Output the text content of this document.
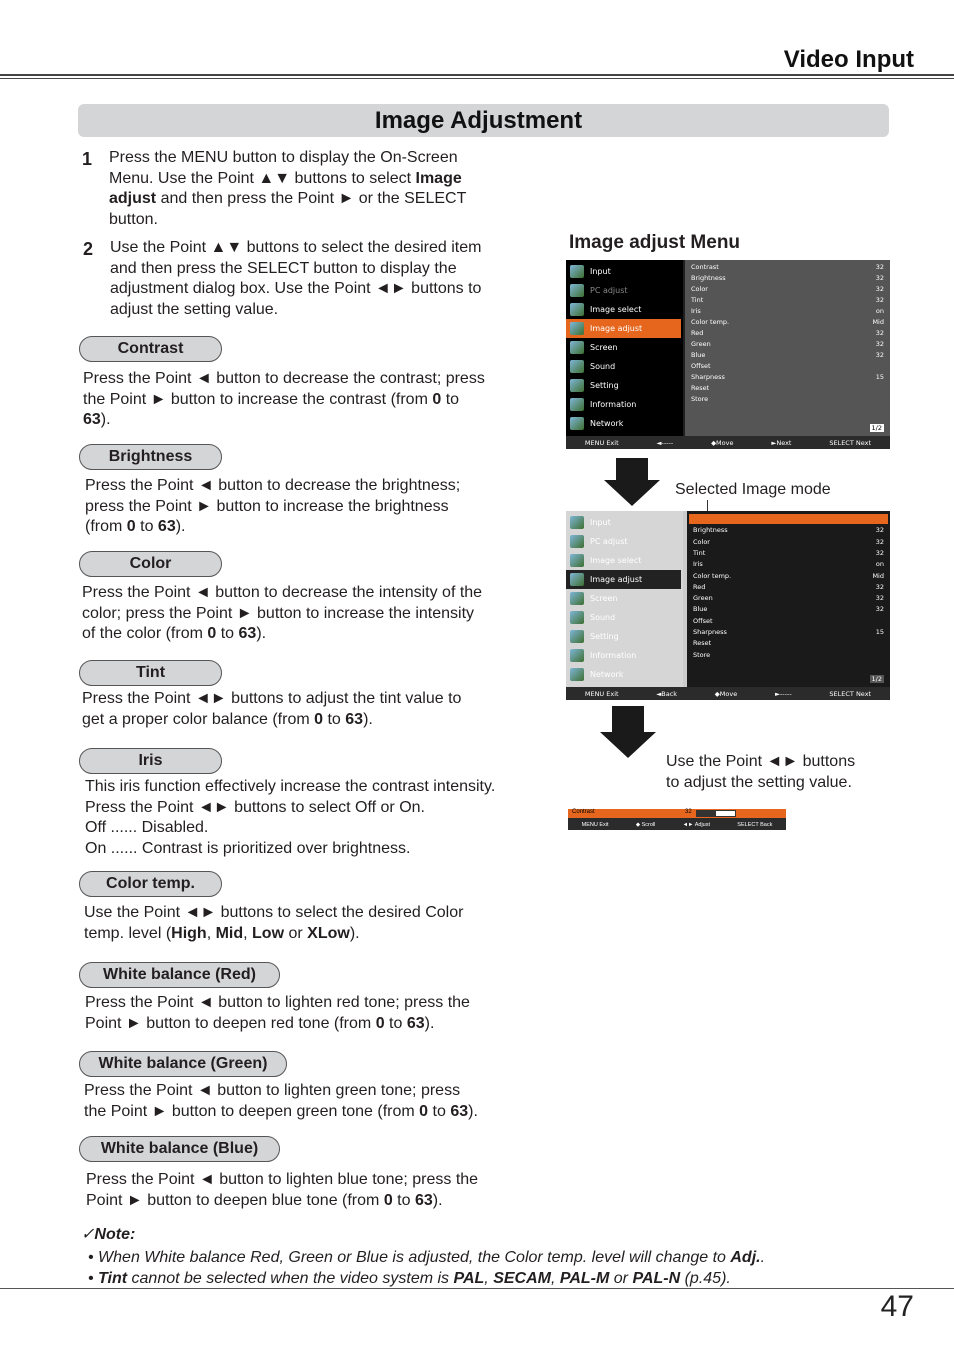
Video Input
Image Adjustment
1 Press the MENU button to display the On-Screen
Menu. Use the Point ▲▼ buttons to select Image
adjust and then press the Point ► or the SELECT
button.
2 Use the Point ▲▼ buttons to select the desired item
and then press the SELECT button to display the
adjustment dialog box. Use the Point ◄► buttons to
adjust the setting value.
Contrast
Press the Point ◄ button to decrease the contrast; press
the Point ► button to increase the contrast (from 0 to
63).
Brightness
Press the Point ◄ button to decrease the brightness;
press the Point ► button to increase the brightness
(from 0 to 63).
Color
Press the Point ◄ button to decrease the intensity of the
color; press the Point ► button to increase the intensity
of the color (from 0 to 63).
Tint
Press the Point ◄► buttons to adjust the tint value to
get a proper color balance (from 0 to 63).
Iris
This iris function effectively increase the contrast intensity.
Press the Point ◄► buttons to select Off or On.
Off ...... Disabled.
On ...... Contrast is prioritized over brightness.
Color temp.
Use the Point ◄► buttons to select the desired Color
temp. level (High, Mid, Low or XLow).
White balance (Red)
Press the Point ◄ button to lighten red tone; press the
Point ► button to deepen red tone (from 0 to 63).
White balance (Green)
Press the Point ◄ button to lighten green tone; press
the Point ► button to deepen green tone (from 0 to 63).
White balance (Blue)
Press the Point ◄ button to lighten blue tone; press the
Point ► button to deepen blue tone (from 0 to 63).
Image adjust Menu
Input
PC adjust
Image select
Image adjust
Screen
Sound
Setting
Information
Network
Contrast	32
Brightness	32
Color	32
Tint	32
Iris	on
Color temp.	Mid
Red	32
Green	32
Blue	32
Offset
Sharpness	15
Reset
Store
1/2
MENU Exit	◄-----	◆Move	►Next	SELECT Next
Selected Image mode
Input
PC adjust
Image select
Image adjust
Screen
Sound
Setting
Information
Network
Brightness	32
Color	32
Tint	32
Iris	on
Color temp.	Mid
Red	32
Green	32
Blue	32
Offset
Sharpness	15
Reset
Store
1/2
MENU Exit	◄Back	◆Move	►-----	SELECT Next
Use the Point ◄► buttons
to adjust the setting value.
Contrast	32
MENU Exit	◆ Scroll	◄► Adjust	SELECT Back
✓Note:
• When White balance Red, Green or Blue is adjusted, the Color temp. level will change to Adj..
• Tint cannot be selected when the video system is PAL, SECAM, PAL-M or PAL-N (p.45).
47
